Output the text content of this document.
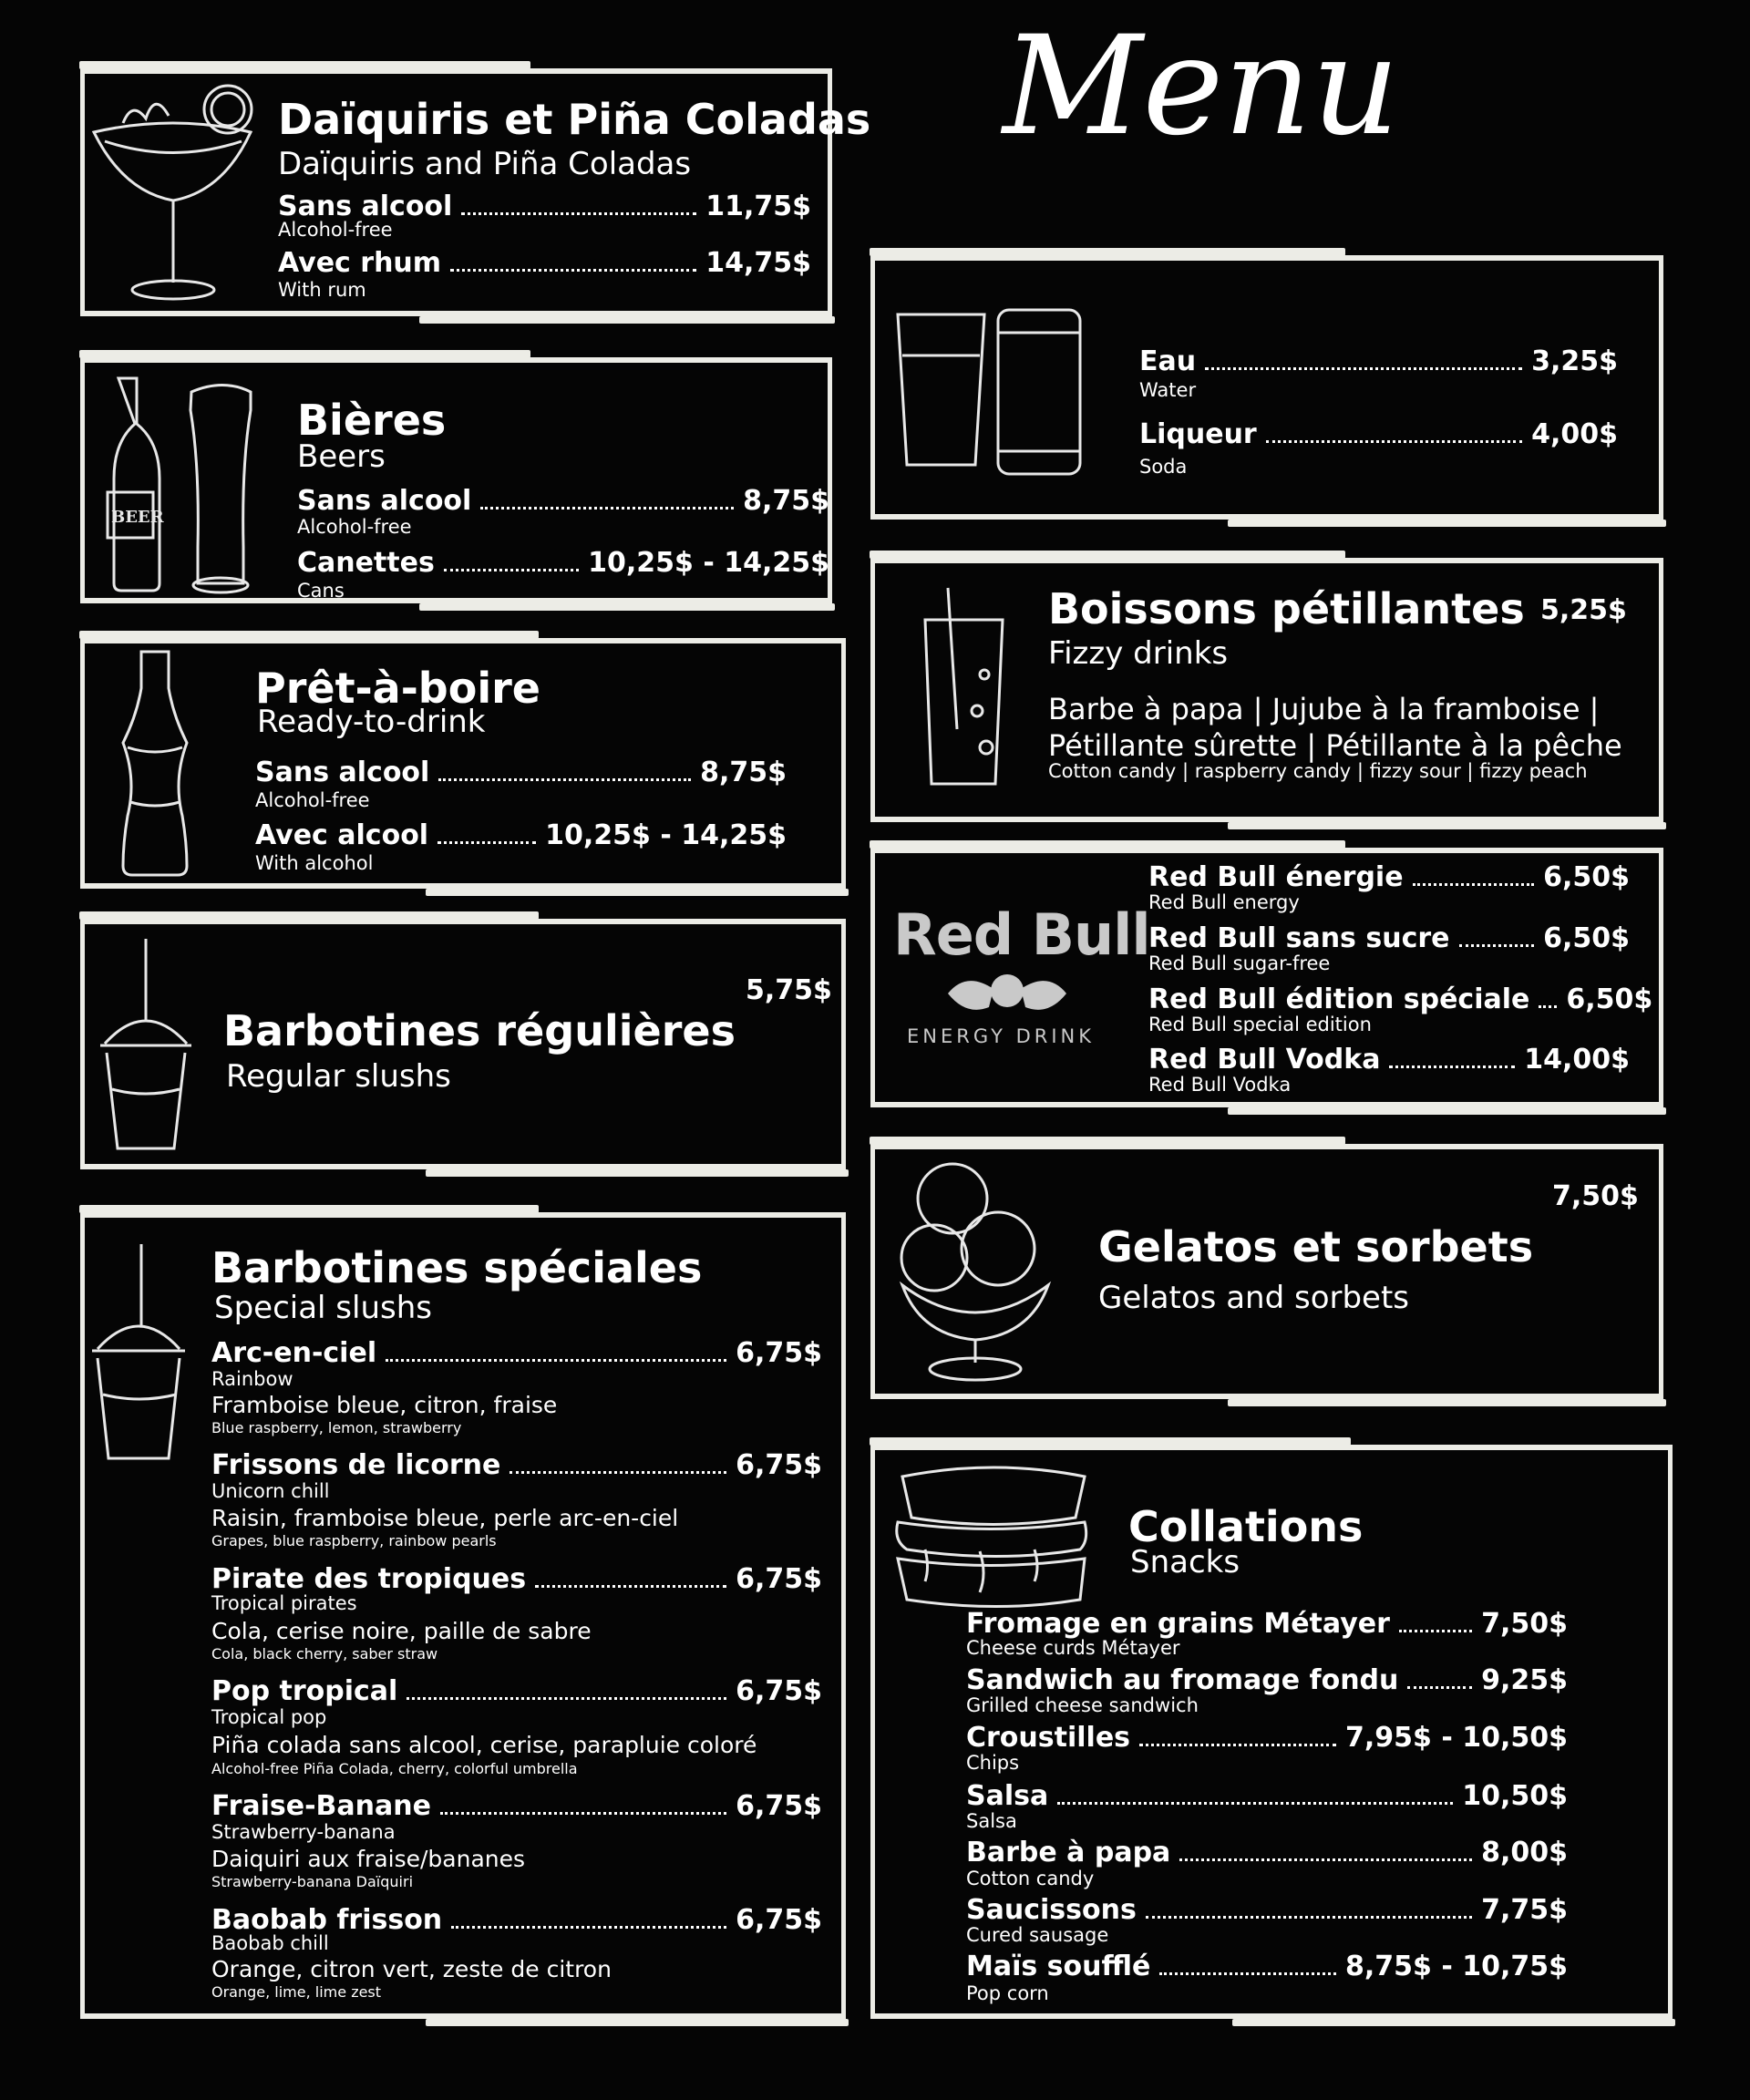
Menu
Daïquiris et Piña Coladas
Daïquiris and Piña Coladas
Sans alcool	11,75$
Alcohol-free
Avec rhum	14,75$
With rum
BEER
Bières
Beers
Sans alcool	8,75$
Alcohol-free
Canettes	10,25$ - 14,25$
Cans
Prêt-à-boire
Ready-to-drink
Sans alcool	8,75$
Alcohol-free
Avec alcool	10,25$ - 14,25$
With alcohol
Barbotines régulières
Regular slushs
5,75$
Barbotines spéciales
Special slushs
Arc-en-ciel	6,75$
Rainbow
Framboise bleue, citron, fraise
Blue raspberry, lemon, strawberry
Frissons de licorne	6,75$
Unicorn chill
Raisin, framboise bleue, perle arc-en-ciel
Grapes, blue raspberry, rainbow pearls
Pirate des tropiques	6,75$
Tropical pirates
Cola, cerise noire, paille de sabre
Cola, black cherry, saber straw
Pop tropical	6,75$
Tropical pop
Piña colada sans alcool, cerise, parapluie coloré
Alcohol-free Piña Colada, cherry, colorful umbrella
Fraise-Banane	6,75$
Strawberry-banana
Daiquiri aux fraise/bananes
Strawberry-banana Daïquiri
Baobab frisson	6,75$
Baobab chill
Orange, citron vert, zeste de citron
Orange, lime, lime zest
Eau	3,25$
Water
Liqueur	4,00$
Soda
Boissons pétillantes
Fizzy drinks
5,25$
Barbe à papa | Jujube à la framboise |
Pétillante sûrette | Pétillante à la pêche
Cotton candy | raspberry candy | fizzy sour | fizzy peach
Red Bull
ENERGY DRINK
Red Bull énergie	6,50$
Red Bull energy
Red Bull sans sucre	6,50$
Red Bull sugar-free
Red Bull édition spéciale 6,50$
Red Bull special edition
Red Bull Vodka	14,00$
Red Bull Vodka
Gelatos et sorbets
Gelatos and sorbets
7,50$
Collations
Snacks
Fromage en grains Métayer	7,50$
Cheese curds Métayer
Sandwich au fromage fondu	9,25$
Grilled cheese sandwich
Croustilles	7,95$ - 10,50$
Chips
Salsa	10,50$
Salsa
Barbe à papa	8,00$
Cotton candy
Saucissons	7,75$
Cured sausage
Maïs soufflé	8,75$ - 10,75$
Pop corn
